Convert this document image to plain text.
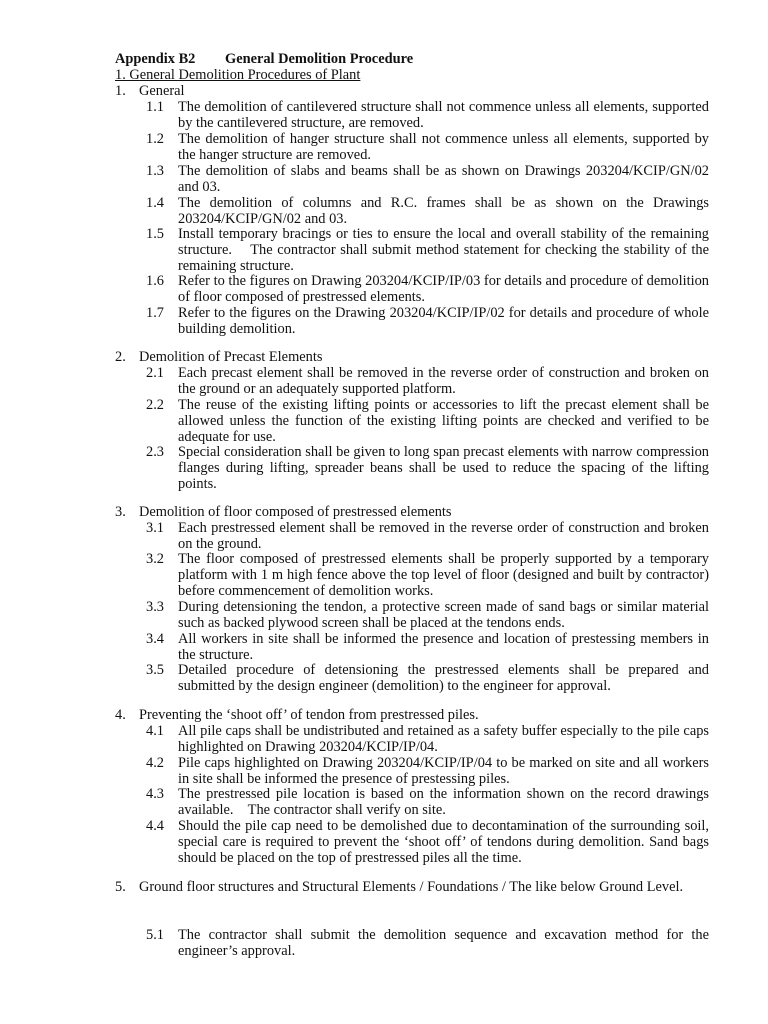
Appendix B2 General Demolition Procedure
1. General Demolition Procedures of Plant
1. General
1.1 The demolition of cantilevered structure shall not commence unless all elements, supported by the cantilevered structure, are removed.
1.2 The demolition of hanger structure shall not commence unless all elements, supported by the hanger structure are removed.
1.3 The demolition of slabs and beams shall be as shown on Drawings 203204/KCIP/GN/02 and 03.
1.4 The demolition of columns and R.C. frames shall be as shown on the Drawings 203204/KCIP/GN/02 and 03.
1.5 Install temporary bracings or ties to ensure the local and overall stability of the remaining structure.    The contractor shall submit method statement for checking the stability of the remaining structure.
1.6 Refer to the figures on Drawing 203204/KCIP/IP/03 for details and procedure of demolition of floor composed of prestressed elements.
1.7 Refer to the figures on the Drawing 203204/KCIP/IP/02 for details and procedure of whole building demolition.
2. Demolition of Precast Elements
2.1 Each precast element shall be removed in the reverse order of construction and broken on the ground or an adequately supported platform.
2.2 The reuse of the existing lifting points or accessories to lift the precast element shall be allowed unless the function of the existing lifting points are checked and verified to be adequate for use.
2.3 Special consideration shall be given to long span precast elements with narrow compression flanges during lifting, spreader beans shall be used to reduce the spacing of the lifting points.
3. Demolition of floor composed of prestressed elements
3.1 Each prestressed element shall be removed in the reverse order of construction and broken on the ground.
3.2 The floor composed of prestressed elements shall be properly supported by a temporary platform with 1 m high fence above the top level of floor (designed and built by contractor) before commencement of demolition works.
3.3 During detensioning the tendon, a protective screen made of sand bags or similar material such as backed plywood screen shall be placed at the tendons ends.
3.4 All workers in site shall be informed the presence and location of prestessing members in the structure.
3.5 Detailed procedure of detensioning the prestressed elements shall be prepared and submitted by the design engineer (demolition) to the engineer for approval.
4. Preventing the ‘shoot off’ of tendon from prestressed piles.
4.1 All pile caps shall be undistributed and retained as a safety buffer especially to the pile caps highlighted on Drawing 203204/KCIP/IP/04.
4.2 Pile caps highlighted on Drawing 203204/KCIP/IP/04 to be marked on site and all workers in site shall be informed the presence of prestessing piles.
4.3 The prestressed pile location is based on the information shown on the record drawings available.    The contractor shall verify on site.
4.4 Should the pile cap need to be demolished due to decontamination of the surrounding soil, special care is required to prevent the ‘shoot off’ of tendons during demolition. Sand bags should be placed on the top of prestressed piles all the time.
5. Ground floor structures and Structural Elements / Foundations / The like below Ground Level.
5.1 The contractor shall submit the demolition sequence and excavation method for the engineer’s approval.
